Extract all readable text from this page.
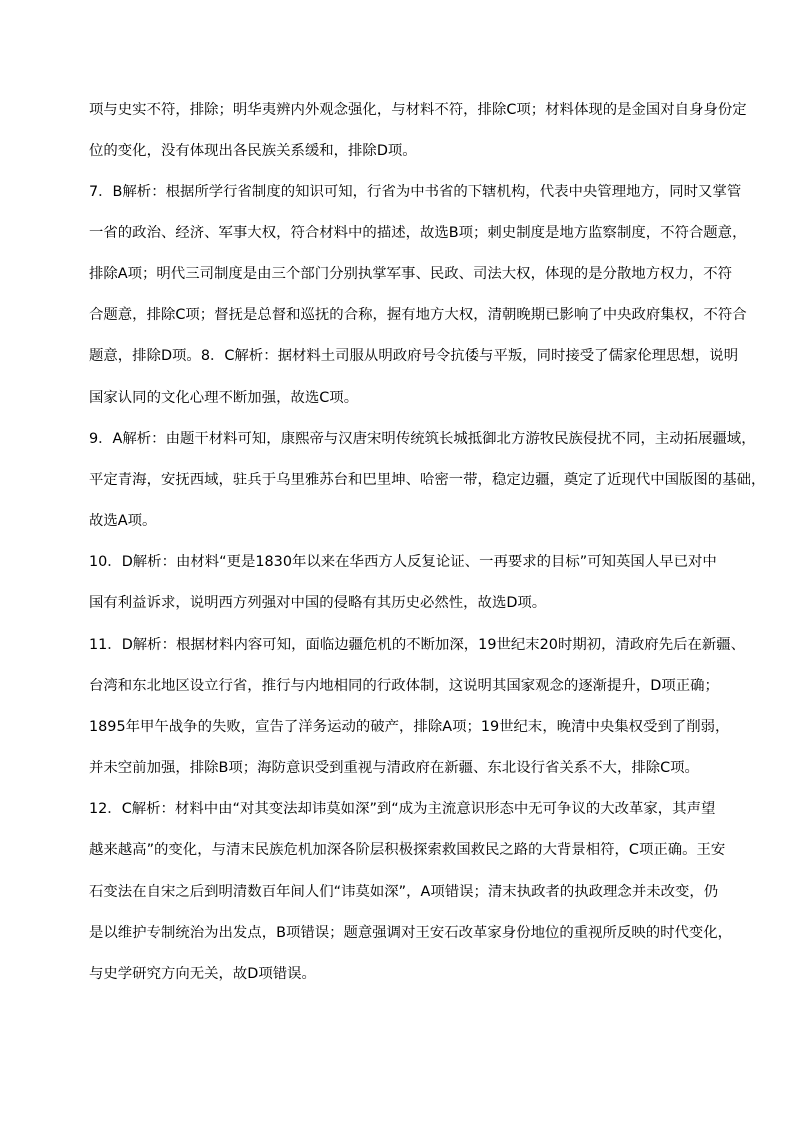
项与史实不符，排除；明华夷辨内外观念强化，与材料不符，排除C项；材料体现的是金国对自身身份定
位的变化，没有体现出各民族关系缓和，排除D项。
7．B解析：根据所学行省制度的知识可知，行省为中书省的下辖机构，代表中央管理地方，同时又掌管
一省的政治、经济、军事大权，符合材料中的描述，故选B项；刺史制度是地方监察制度，不符合题意，
排除A项；明代三司制度是由三个部门分别执掌军事、民政、司法大权，体现的是分散地方权力，不符
合题意，排除C项；督抚是总督和巡抚的合称，握有地方大权，清朝晚期已影响了中央政府集权，不符合
题意，排除D项。8．C解析：据材料土司服从明政府号令抗倭与平叛，同时接受了儒家伦理思想，说明
国家认同的文化心理不断加强，故选C项。
9．A解析：由题干材料可知，康熙帝与汉唐宋明传统筑长城抵御北方游牧民族侵扰不同，主动拓展疆域，
平定青海，安抚西域，驻兵于乌里雅苏台和巴里坤、哈密一带，稳定边疆，奠定了近现代中国版图的基础，
故选A项。
10．D解析：由材料“更是1830年以来在华西方人反复论证、一再要求的目标”可知英国人早已对中
国有利益诉求，说明西方列强对中国的侵略有其历史必然性，故选D项。
11．D解析：根据材料内容可知，面临边疆危机的不断加深，19世纪末20时期初，清政府先后在新疆、
台湾和东北地区设立行省，推行与内地相同的行政体制，这说明其国家观念的逐渐提升，D项正确；
1895年甲午战争的失败，宣告了洋务运动的破产，排除A项；19世纪末，晚清中央集权受到了削弱，
并未空前加强，排除B项；海防意识受到重视与清政府在新疆、东北设行省关系不大，排除C项。
12．C解析：材料中由“对其变法却讳莫如深”到“成为主流意识形态中无可争议的大改革家，其声望
越来越高”的变化，与清末民族危机加深各阶层积极探索救国救民之路的大背景相符，C项正确。王安
石变法在自宋之后到明清数百年间人们“讳莫如深”，A项错误；清末执政者的执政理念并未改变，仍
是以维护专制统治为出发点，B项错误；题意强调对王安石改革家身份地位的重视所反映的时代变化，
与史学研究方向无关，故D项错误。
